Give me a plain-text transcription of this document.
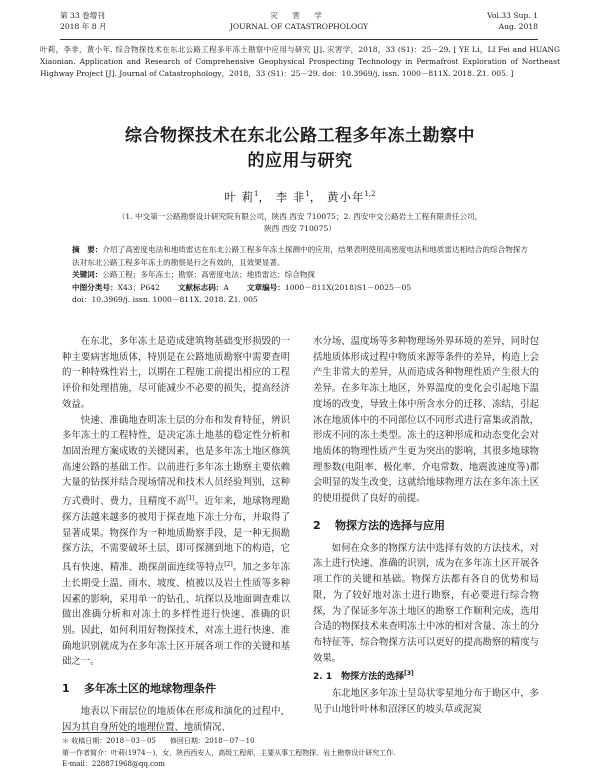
第 33 卷增刊
2018 年 8 月
灾 害 学
JOURNAL OF CATASTROPHOLOGY
Vol.33 Sup. 1
Aug. 2018
叶莉，李非，黄小年. 综合物探技术在东北公路工程多年冻土勘察中应用与研究 [J]. 灾害学，2018，33 (S1)：25－29. [ YE Li，LI Fei and HUANG Xiaonian. Application and Research of Comprehensive Geophysical Prospecting Technology in Permafrost Exploration of Northeast Highway Project [J]. Journal of Catastrophology，2018，33 (S1)：25－29. doi：10.3969/j. issn. 1000－811X. 2018. Z1. 005. ]
综合物探技术在东北公路工程多年冻土勘察中
的应用与研究
叶 莉$^1$， 李 非$^1$， 黄小年$^{1,2}$
（1. 中交第一公路勘察设计研究院有限公司，陕西 西安 710075；2. 西安中交公路岩土工程有限责任公司，
陕西 西安 710075）
摘　要：介绍了高密度电法和地质雷达在东北公路工程多年冻土探测中的应用，结果表明使用高密度电法和地质雷达相结合的综合物探方法对东北公路工程多年冻土的勘察是行之有效的，且效果显著。
关键词：公路工程；多年冻土；勘察；高密度电法；地质雷达；综合物探
中图分类号：X43；P642 文献标志码：A 文章编号：1000－811X(2018)S1－0025－05
doi：10.3969/j. issn. 1000－811X. 2018. Z1. 005

在东北，多年冻土是造成建筑物基础变形损毁的一种主要病害地质体，特别是在公路地质勘察中需要查明的一种特殊性岩土，以期在工程施工前提出相应的工程评价和处理措施，尽可能减少不必要的损失，提高经济效益。

快速、准确地查明冻土层的分布和发育特征，辨识多年冻土的工程特性，是决定冻土地基的稳定性分析和加固治理方案成败的关键因素，也是多年冻土地区修筑高速公路的基础工作。以前进行多年冻土勘察主要依赖大量的钻探并结合现场情况和技术人员经验判别，这种方式费时、费力，且精度不高[1]。近年来，地球物理勘探方法越来越多的被用于探查地下冻土分布，并取得了显著成果。物探作为一种地质勘察手段，是一种无损勘探方法，不需要破坏土层，即可探测到地下的构造，它具有快速、精准、勘探剖面连续等特点[2]。加之多年冻土长期受土温、雨水、坡度、植被以及岩土性质等多种因素的影响，采用单一的钻孔、坑探以及地面调查难以做出准确分析和对冻土的多样性进行快速、准确的识别。因此，如何利用好物探技术，对冻土进行快速、准确地识别就成为在多年冻土区开展各项工作的关键和基础之一。

1 多年冻土区的地球物理条件

地表以下雨层位的地质体在形成和演化的过程中，因为其自身所处的地理位置、地质情况、

水分场、温度场等多种物理场外界环境的差异，同时包括地质体形成过程中物质来源等条件的差异，构造上会产生非常大的差异，从而造成各种物理性质产生很大的差异。在多年冻土地区，外界温度的变化会引起地下温度场的改变，导致土体中所含水分的迁移、冻结，引起冰在地质体中的不同部位以不同形式进行富集或消散，形成不同的冻土类型。冻土的这种形成和动态变化会对地质体的物理性质产生更为突出的影响，其很多地球物理参数(电阻率、极化率、介电常数、地震波速度等)都会明显的发生改变，这就给地球物理方法在多年冻土区的使用提供了良好的前提。

2 物探方法的选择与应用

如何在众多的物探方法中选择有效的方法技术，对冻土进行快速、准确的识别，成为在多年冻土区开展各项工作的关键和基础。物探方法都有各自的优势和局限，为了较好地对冻土进行勘察，有必要进行综合物探，为了保证多年冻土地区的勘察工作顺利完成，选用合适的物探技术来查明冻土中冰的相对含量、冻土的分布特征等，综合物探方法可以更好的提高勘察的精度与效果。

2. 1　物探方法的选择[3]

东北地区多年冻土呈岛状零星地分布于勘区中，多见于山地针叶林和沼泽区的坡头草或泥炭

＊ 收稿日期：2018－03－05　　修回日期：2018－07－10
第一作者简介：叶莉(1974－)，女，陕西西安人，高级工程师，主要从事工程物探、岩土勘察设计研究工作.
E-mail：228871968@qq.com
